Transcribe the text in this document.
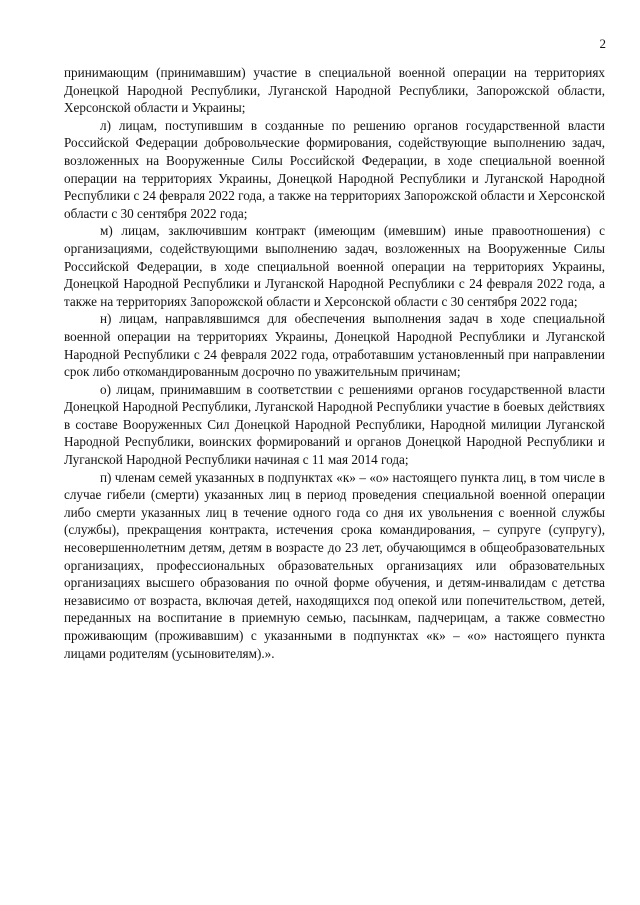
2

принимающим (принимавшим) участие в специальной военной операции на территориях Донецкой Народной Республики, Луганской Народной Республики, Запорожской области, Херсонской области и Украины;

л) лицам, поступившим в созданные по решению органов государственной власти Российской Федерации добровольческие формирования, содействующие выполнению задач, возложенных на Вооруженные Силы Российской Федерации, в ходе специальной военной операции на территориях Украины, Донецкой Народной Республики и Луганской Народной Республики с 24 февраля 2022 года, а также на территориях Запорожской области и Херсонской области с 30 сентября 2022 года;

м) лицам, заключившим контракт (имеющим (имевшим) иные правоотношения) с организациями, содействующими выполнению задач, возложенных на Вооруженные Силы Российской Федерации, в ходе специальной военной операции на территориях Украины, Донецкой Народной Республики и Луганской Народной Республики с 24 февраля 2022 года, а также на территориях Запорожской области и Херсонской области с 30 сентября 2022 года;

н) лицам, направлявшимся для обеспечения выполнения задач в ходе специальной военной операции на территориях Украины, Донецкой Народной Республики и Луганской Народной Республики с 24 февраля 2022 года, отработавшим установленный при направлении срок либо откомандированным досрочно по уважительным причинам;

о) лицам, принимавшим в соответствии с решениями органов государственной власти Донецкой Народной Республики, Луганской Народной Республики участие в боевых действиях в составе Вооруженных Сил Донецкой Народной Республики, Народной милиции Луганской Народной Республики, воинских формирований и органов Донецкой Народной Республики и Луганской Народной Республики начиная с 11 мая 2014 года;

п) членам семей указанных в подпунктах «к» – «о» настоящего пункта лиц, в том числе в случае гибели (смерти) указанных лиц в период проведения специальной военной операции либо смерти указанных лиц в течение одного года со дня их увольнения с военной службы (службы), прекращения контракта, истечения срока командирования, – супруге (супругу), несовершеннолетним детям, детям в возрасте до 23 лет, обучающимся в общеобразовательных организациях, профессиональных образовательных организациях или образовательных организациях высшего образования по очной форме обучения, и детям-инвалидам с детства независимо от возраста, включая детей, находящихся под опекой или попечительством, детей, переданных на воспитание в приемную семью, пасынкам, падчерицам, а также совместно проживающим (проживавшим) с указанными в подпунктах «к» – «о» настоящего пункта лицами родителям (усыновителям).».
